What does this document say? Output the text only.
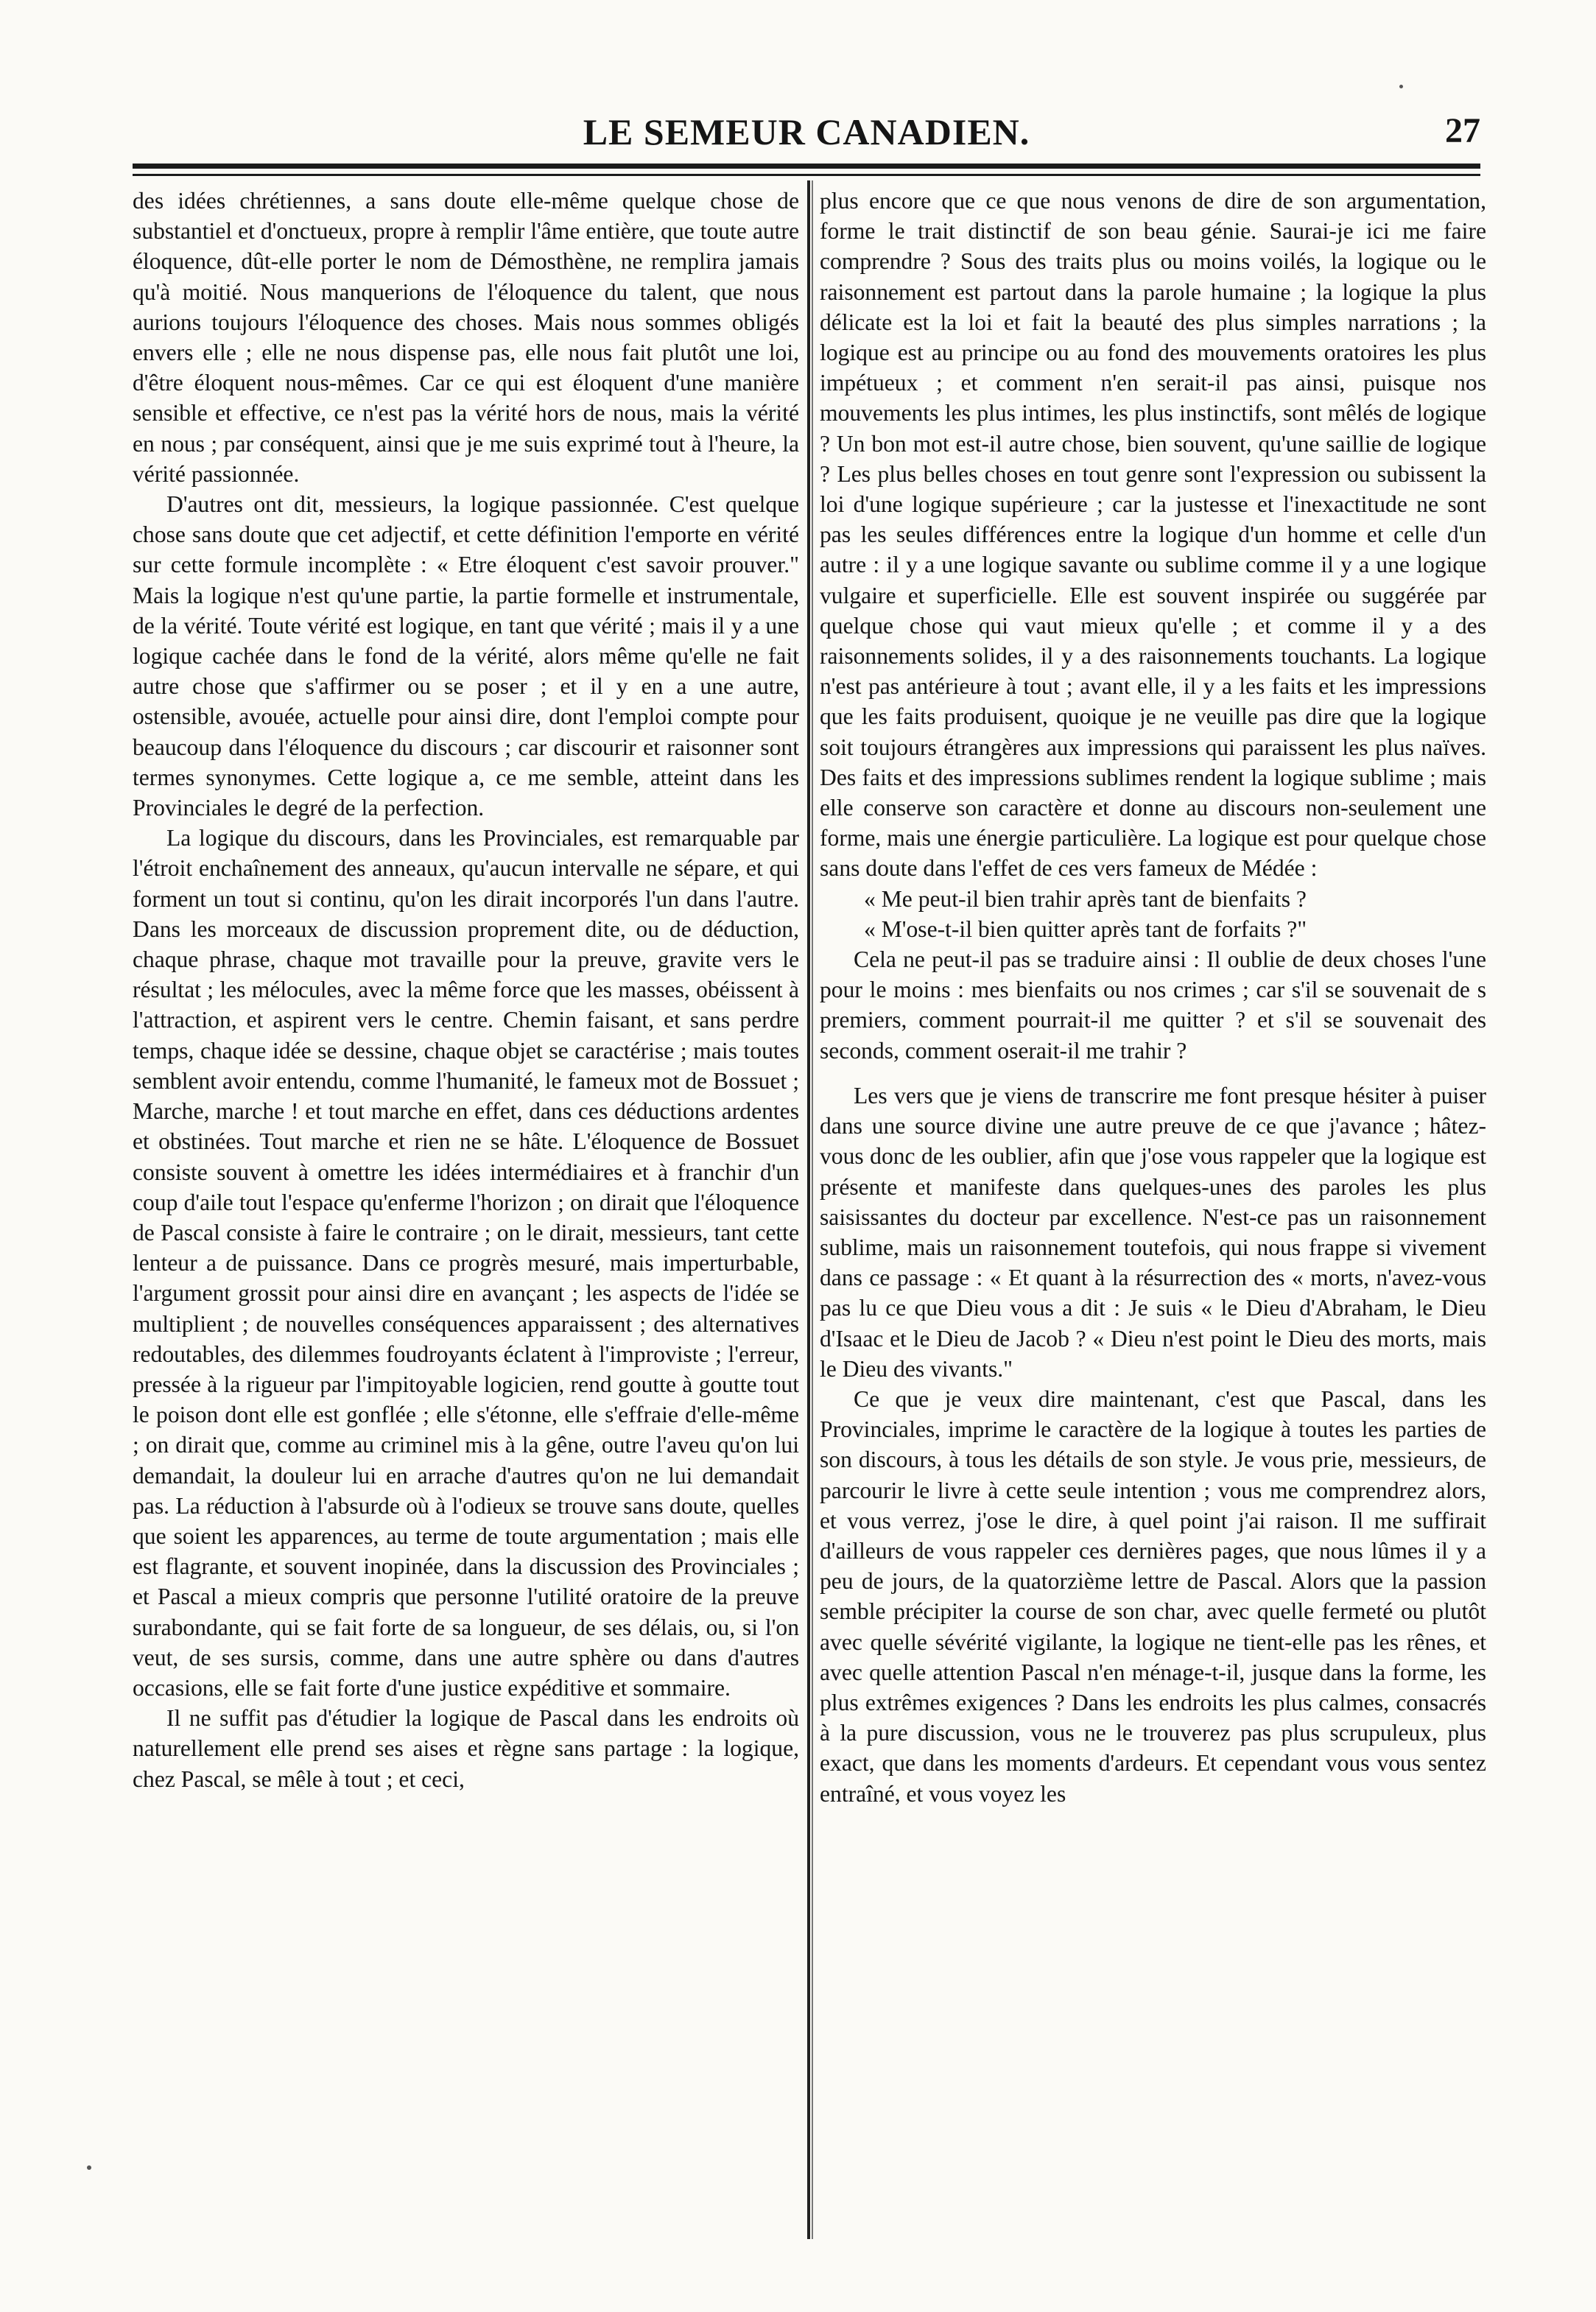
LE SEMEUR CANADIEN.	27

des idées chrétiennes, a sans doute elle-même quelque chose de substantiel et d'onctueux, propre à remplir l'âme entière, que toute autre éloquence, dût-elle porter le nom de Démosthène, ne remplira jamais qu'à moitié. Nous manquerions de l'éloquence du talent, que nous aurions toujours l'éloquence des choses. Mais nous sommes obligés envers elle ; elle ne nous dispense pas, elle nous fait plutôt une loi, d'être éloquent nous-mêmes. Car ce qui est éloquent d'une manière sensible et effective, ce n'est pas la vérité hors de nous, mais la vérité en nous ; par conséquent, ainsi que je me suis exprimé tout à l'heure, la vérité passionnée.

D'autres ont dit, messieurs, la logique passionnée. C'est quelque chose sans doute que cet adjectif, et cette définition l'emporte en vérité sur cette formule incomplète : « Etre éloquent c'est savoir prouver." Mais la logique n'est qu'une partie, la partie formelle et instrumentale, de la vérité. Toute vérité est logique, en tant que vérité ; mais il y a une logique cachée dans le fond de la vérité, alors même qu'elle ne fait autre chose que s'affirmer ou se poser ; et il y en a une autre, ostensible, avouée, actuelle pour ainsi dire, dont l'emploi compte pour beaucoup dans l'éloquence du discours ; car discourir et raisonner sont termes synonymes. Cette logique a, ce me semble, atteint dans les Provinciales le degré de la perfection.

La logique du discours, dans les Provinciales, est remarquable par l'étroit enchaînement des anneaux, qu'aucun intervalle ne sépare, et qui forment un tout si continu, qu'on les dirait incorporés l'un dans l'autre. Dans les morceaux de discussion proprement dite, ou de déduction, chaque phrase, chaque mot travaille pour la preuve, gravite vers le résultat ; les mélocules, avec la même force que les masses, obéissent à l'attraction, et aspirent vers le centre. Chemin faisant, et sans perdre temps, chaque idée se dessine, chaque objet se caractérise ; mais toutes semblent avoir entendu, comme l'humanité, le fameux mot de Bossuet ; Marche, marche ! et tout marche en effet, dans ces déductions ardentes et obstinées. Tout marche et rien ne se hâte. L'éloquence de Bossuet consiste souvent à omettre les idées intermédiaires et à franchir d'un coup d'aile tout l'espace qu'enferme l'horizon ; on dirait que l'éloquence de Pascal consiste à faire le contraire ; on le dirait, messieurs, tant cette lenteur a de puissance. Dans ce progrès mesuré, mais imperturbable, l'argument grossit pour ainsi dire en avançant ; les aspects de l'idée se multiplient ; de nouvelles conséquences apparaissent ; des alternatives redoutables, des dilemmes foudroyants éclatent à l'improviste ; l'erreur, pressée à la rigueur par l'impitoyable logicien, rend goutte à goutte tout le poison dont elle est gonflée ; elle s'étonne, elle s'effraie d'elle-même ; on dirait que, comme au criminel mis à la gêne, outre l'aveu qu'on lui demandait, la douleur lui en arrache d'autres qu'on ne lui demandait pas. La réduction à l'absurde où à l'odieux se trouve sans doute, quelles que soient les apparences, au terme de toute argumentation ; mais elle est flagrante, et souvent inopinée, dans la discussion des Provinciales ; et Pascal a mieux compris que personne l'utilité oratoire de la preuve surabondante, qui se fait forte de sa longueur, de ses délais, ou, si l'on veut, de ses sursis, comme, dans une autre sphère ou dans d'autres occasions, elle se fait forte d'une justice expéditive et sommaire.

Il ne suffit pas d'étudier la logique de Pascal dans les endroits où naturellement elle prend ses aises et règne sans partage : la logique, chez Pascal, se mêle à tout ; et ceci,

plus encore que ce que nous venons de dire de son argumentation, forme le trait distinctif de son beau génie. Saurai-je ici me faire comprendre ? Sous des traits plus ou moins voilés, la logique ou le raisonnement est partout dans la parole humaine ; la logique la plus délicate est la loi et fait la beauté des plus simples narrations ; la logique est au principe ou au fond des mouvements oratoires les plus impétueux ; et comment n'en serait-il pas ainsi, puisque nos mouvements les plus intimes, les plus instinctifs, sont mêlés de logique ? Un bon mot est-il autre chose, bien souvent, qu'une saillie de logique ? Les plus belles choses en tout genre sont l'expression ou subissent la loi d'une logique supérieure ; car la justesse et l'inexactitude ne sont pas les seules différences entre la logique d'un homme et celle d'un autre : il y a une logique savante ou sublime comme il y a une logique vulgaire et superficielle. Elle est souvent inspirée ou suggérée par quelque chose qui vaut mieux qu'elle ; et comme il y a des raisonnements solides, il y a des raisonnements touchants. La logique n'est pas antérieure à tout ; avant elle, il y a les faits et les impressions que les faits produisent, quoique je ne veuille pas dire que la logique soit toujours étrangères aux impressions qui paraissent les plus naïves. Des faits et des impressions sublimes rendent la logique sublime ; mais elle conserve son caractère et donne au discours non-seulement une forme, mais une énergie particulière. La logique est pour quelque chose sans doute dans l'effet de ces vers fameux de Médée :

« Me peut-il bien trahir après tant de bienfaits ?

« M'ose-t-il bien quitter après tant de forfaits ?"

Cela ne peut-il pas se traduire ainsi : Il oublie de deux choses l'une pour le moins : mes bienfaits ou nos crimes ; car s'il se souvenait de s premiers, comment pourrait-il me quitter ? et s'il se souvenait des seconds, comment oserait-il me trahir ?

Les vers que je viens de transcrire me font presque hésiter à puiser dans une source divine une autre preuve de ce que j'avance ; hâtez-vous donc de les oublier, afin que j'ose vous rappeler que la logique est présente et manifeste dans quelques-unes des paroles les plus saisissantes du docteur par excellence. N'est-ce pas un raisonnement sublime, mais un raisonnement toutefois, qui nous frappe si vivement dans ce passage : « Et quant à la résurrection des « morts, n'avez-vous pas lu ce que Dieu vous a dit : Je suis « le Dieu d'Abraham, le Dieu d'Isaac et le Dieu de Jacob ? « Dieu n'est point le Dieu des morts, mais le Dieu des vivants."

Ce que je veux dire maintenant, c'est que Pascal, dans les Provinciales, imprime le caractère de la logique à toutes les parties de son discours, à tous les détails de son style. Je vous prie, messieurs, de parcourir le livre à cette seule intention ; vous me comprendrez alors, et vous verrez, j'ose le dire, à quel point j'ai raison. Il me suffirait d'ailleurs de vous rappeler ces dernières pages, que nous lûmes il y a peu de jours, de la quatorzième lettre de Pascal. Alors que la passion semble précipiter la course de son char, avec quelle fermeté ou plutôt avec quelle sévérité vigilante, la logique ne tient-elle pas les rênes, et avec quelle attention Pascal n'en ménage-t-il, jusque dans la forme, les plus extrêmes exigences ? Dans les endroits les plus calmes, consacrés à la pure discussion, vous ne le trouverez pas plus scrupuleux, plus exact, que dans les moments d'ardeurs. Et cependant vous vous sentez entraîné, et vous voyez les
